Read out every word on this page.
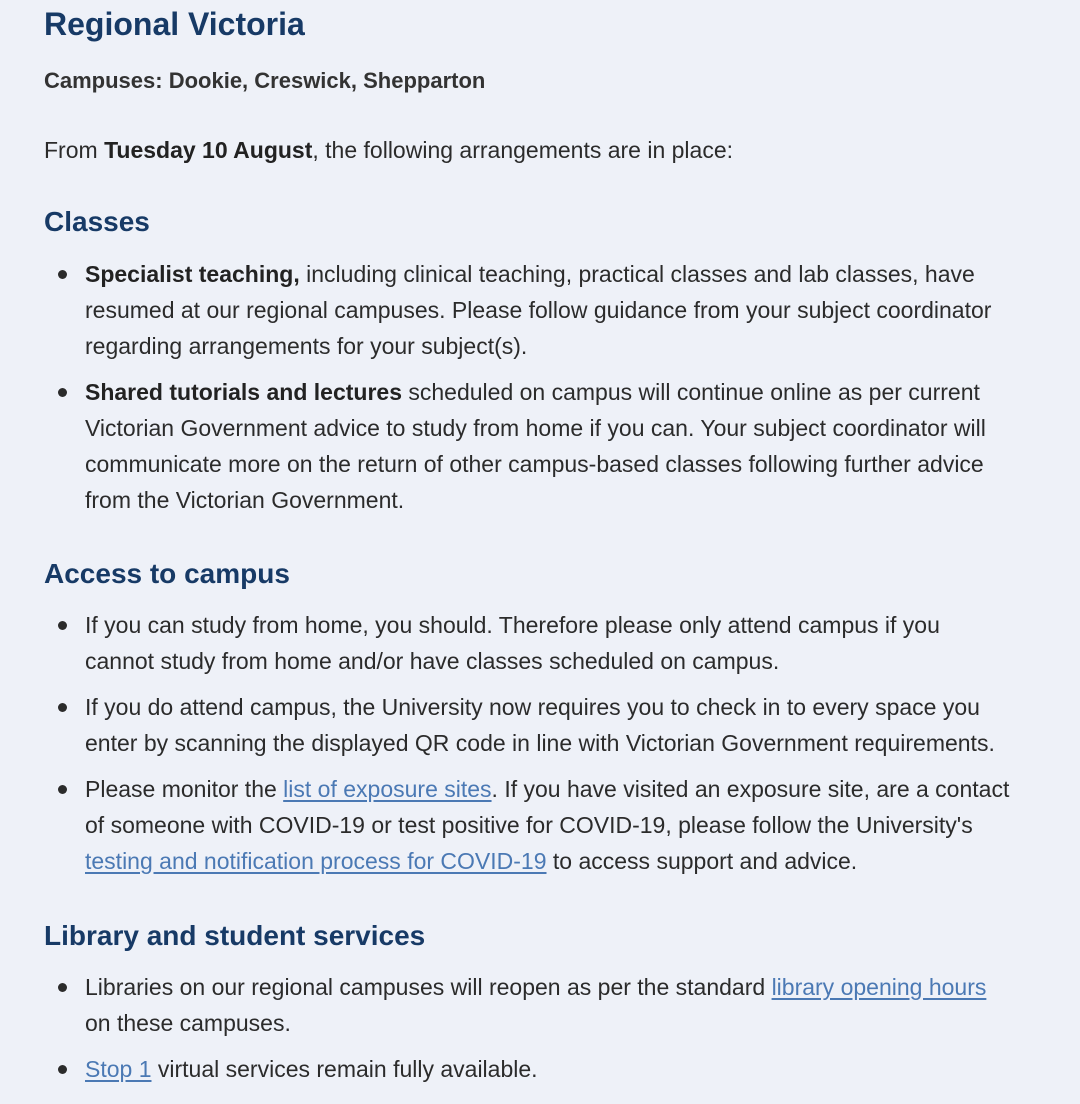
Regional Victoria
Campuses: Dookie, Creswick, Shepparton
From Tuesday 10 August, the following arrangements are in place:
Classes
Specialist teaching, including clinical teaching, practical classes and lab classes, have resumed at our regional campuses. Please follow guidance from your subject coordinator regarding arrangements for your subject(s).
Shared tutorials and lectures scheduled on campus will continue online as per current Victorian Government advice to study from home if you can. Your subject coordinator will communicate more on the return of other campus-based classes following further advice from the Victorian Government.
Access to campus
If you can study from home, you should. Therefore please only attend campus if you cannot study from home and/or have classes scheduled on campus.
If you do attend campus, the University now requires you to check in to every space you enter by scanning the displayed QR code in line with Victorian Government requirements.
Please monitor the list of exposure sites. If you have visited an exposure site, are a contact of someone with COVID-19 or test positive for COVID-19, please follow the University's testing and notification process for COVID-19 to access support and advice.
Library and student services
Libraries on our regional campuses will reopen as per the standard library opening hours on these campuses.
Stop 1 virtual services remain fully available.
